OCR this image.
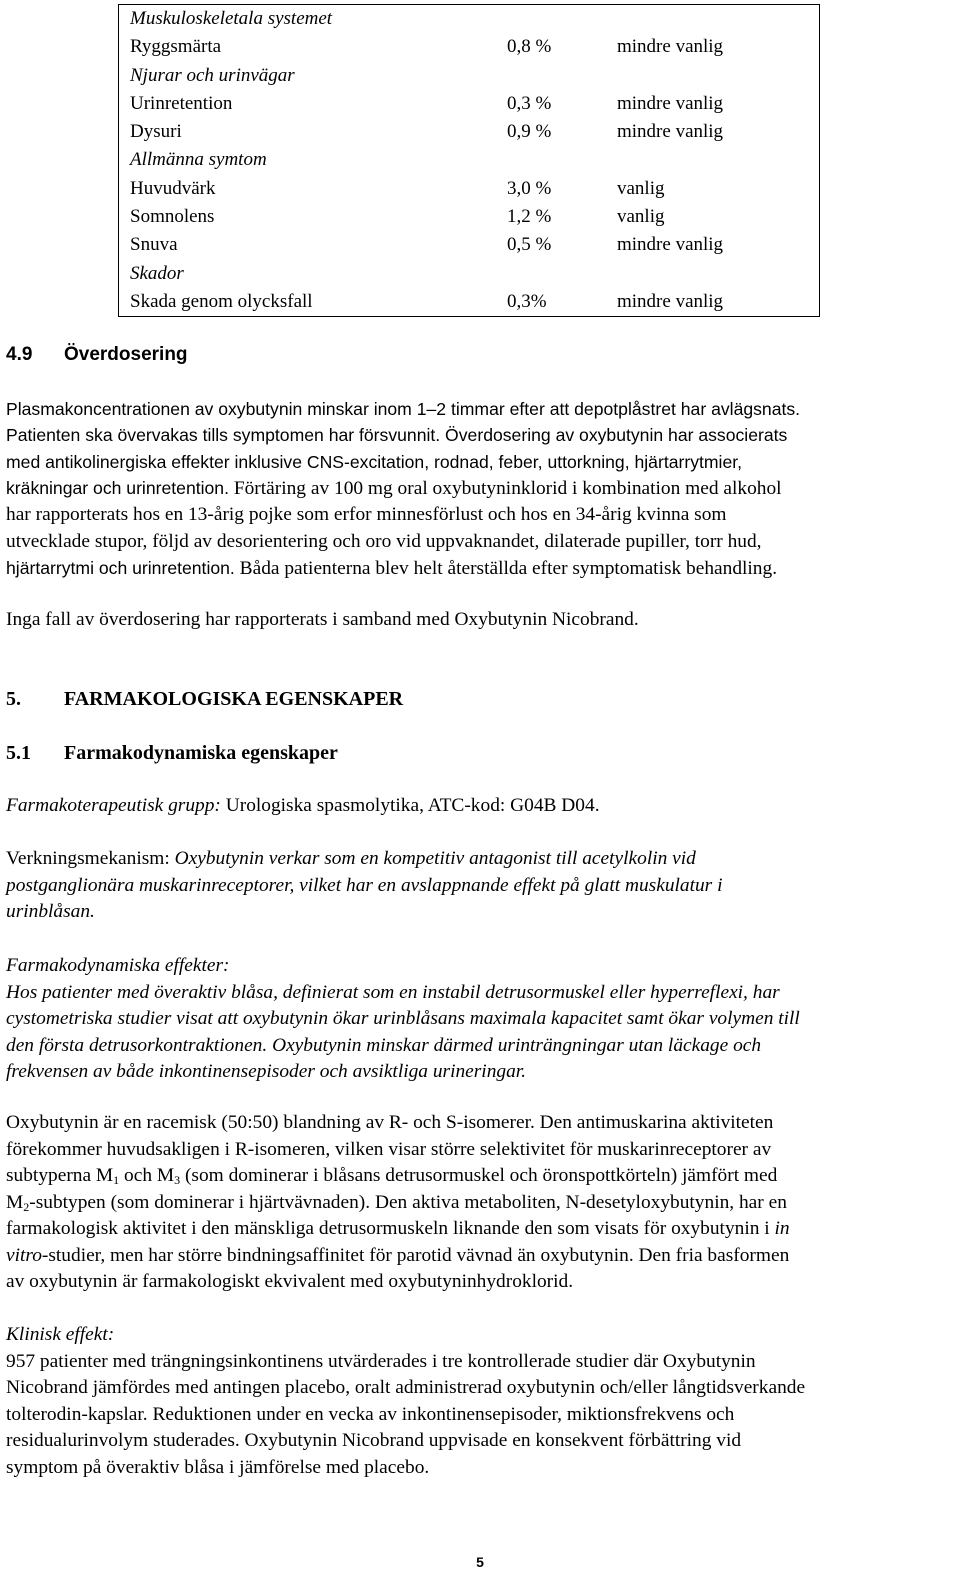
Muskuloskeletala systemet		
Ryggsmärta	0,8 %	mindre vanlig
Njurar och urinvägar		
Urinretention	0,3 %	mindre vanlig
Dysuri	0,9 %	mindre vanlig
Allmänna symtom		
Huvudvärk	3,0 %	vanlig
Somnolens	1,2 %	vanlig
Snuva	0,5 %	mindre vanlig
Skador		
Skada genom olycksfall	0,3%	mindre vanlig
4.9 Överdosering
Plasmakoncentrationen av oxybutynin minskar inom 1–2 timmar efter att depotplåstret har avlägsnats.
Patienten ska övervakas tills symptomen har försvunnit. Överdosering av oxybutynin har associerats
med antikolinergiska effekter inklusive CNS-excitation, rodnad, feber, uttorkning, hjärtarrytmier,
kräkningar och urinretention. Förtäring av 100 mg oral oxybutyninklorid i kombination med alkohol
har rapporterats hos en 13-årig pojke som erfor minnesförlust och hos en 34-årig kvinna som
utvecklade stupor, följd av desorientering och oro vid uppvaknandet, dilaterade pupiller, torr hud,
hjärtarrytmi och urinretention. Båda patienterna blev helt återställda efter symptomatisk behandling.

Inga fall av överdosering har rapporterats i samband med Oxybutynin Nicobrand.

5. FARMAKOLOGISKA EGENSKAPER
5.1 Farmakodynamiska egenskaper

Farmakoterapeutisk grupp: Urologiska spasmolytika, ATC-kod: G04B D04.

Verkningsmekanism: Oxybutynin verkar som en kompetitiv antagonist till acetylkolin vid
postganglionära muskarinreceptorer, vilket har en avslappnande effekt på glatt muskulatur i
urinblåsan.
Farmakodynamiska effekter:
Hos patienter med överaktiv blåsa, definierat som en instabil detrusormuskel eller hyperreflexi, har
cystometriska studier visat att oxybutynin ökar urinblåsans maximala kapacitet samt ökar volymen till
den första detrusorkontraktionen. Oxybutynin minskar därmed urinträngningar utan läckage och
frekvensen av både inkontinensepisoder och avsiktliga urineringar.
Oxybutynin är en racemisk (50:50) blandning av R- och S-isomerer. Den antimuskarina aktiviteten
förekommer huvudsakligen i R-isomeren, vilken visar större selektivitet för muskarinreceptorer av
subtyperna $M_1$ och $M_3$ (som dominerar i blåsans detrusormuskel och öronspottkörteln) jämfört med
$M_2$-subtypen (som dominerar i hjärtvävnaden). Den aktiva metaboliten, N-desetyloxybutynin, har en
farmakologisk aktivitet i den mänskliga detrusormuskeln liknande den som visats för oxybutynin i in
vitro-studier, men har större bindningsaffinitet för parotid vävnad än oxybutynin. Den fria basformen
av oxybutynin är farmakologiskt ekvivalent med oxybutyninhydroklorid.
Klinisk effekt:
957 patienter med trängningsinkontinens utvärderades i tre kontrollerade studier där Oxybutynin
Nicobrand jämfördes med antingen placebo, oralt administrerad oxybutynin och/eller långtidsverkande
tolterodin-kapslar. Reduktionen under en vecka av inkontinensepisoder, miktionsfrekvens och
residualurinvolym studerades. Oxybutynin Nicobrand uppvisade en konsekvent förbättring vid
symptom på överaktiv blåsa i jämförelse med placebo.
5
